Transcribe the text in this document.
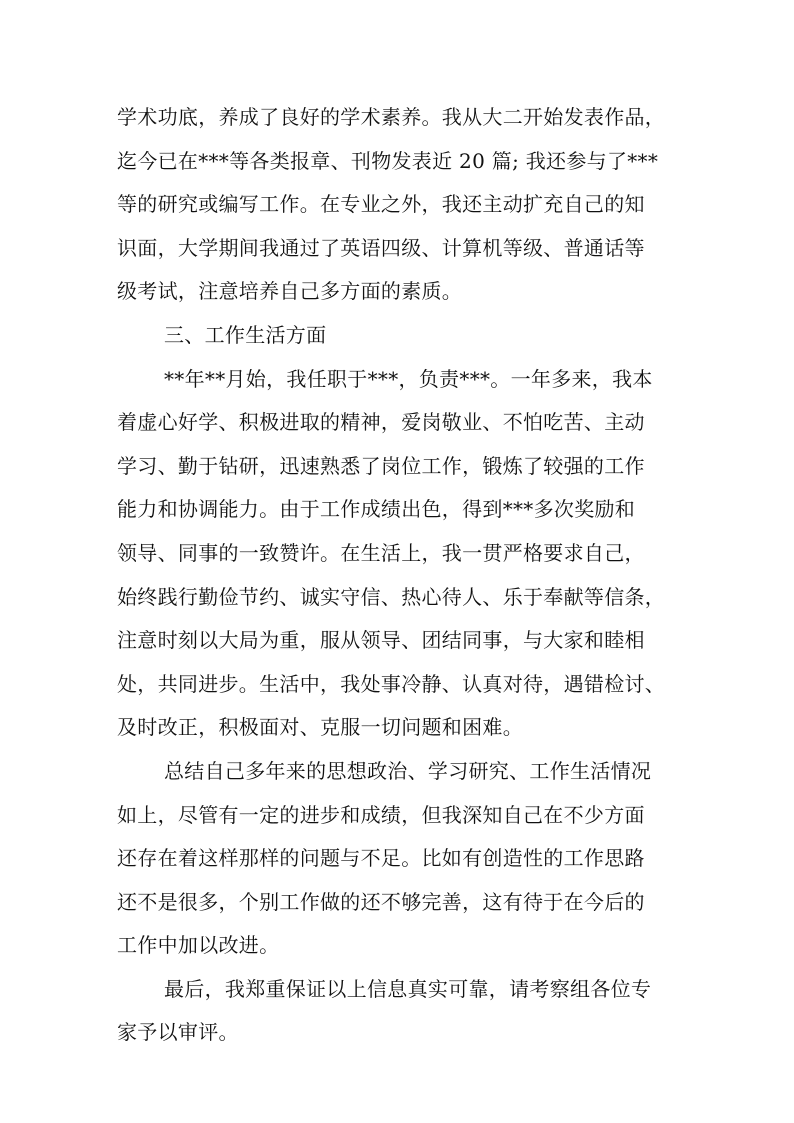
学术功底，养成了良好的学术素养。我从大二开始发表作品，
迄今已在***等各类报章、刊物发表近 20 篇; 我还参与了***
等的研究或编写工作。在专业之外，我还主动扩充自己的知
识面，大学期间我通过了英语四级、计算机等级、普通话等
级考试，注意培养自己多方面的素质。
三、工作生活方面
**年**月始，我任职于***，负责***。一年多来，我本
着虚心好学、积极进取的精神，爱岗敬业、不怕吃苦、主动
学习、勤于钻研，迅速熟悉了岗位工作，锻炼了较强的工作
能力和协调能力。由于工作成绩出色，得到***多次奖励和
领导、同事的一致赞许。在生活上，我一贯严格要求自己，
始终践行勤俭节约、诚实守信、热心待人、乐于奉献等信条，
注意时刻以大局为重，服从领导、团结同事，与大家和睦相
处，共同进步。生活中，我处事冷静、认真对待，遇错检讨、
及时改正，积极面对、克服一切问题和困难。
总结自己多年来的思想政治、学习研究、工作生活情况
如上，尽管有一定的进步和成绩，但我深知自己在不少方面
还存在着这样那样的问题与不足。比如有创造性的工作思路
还不是很多，个别工作做的还不够完善，这有待于在今后的
工作中加以改进。
最后，我郑重保证以上信息真实可靠，请考察组各位专
家予以审评。
